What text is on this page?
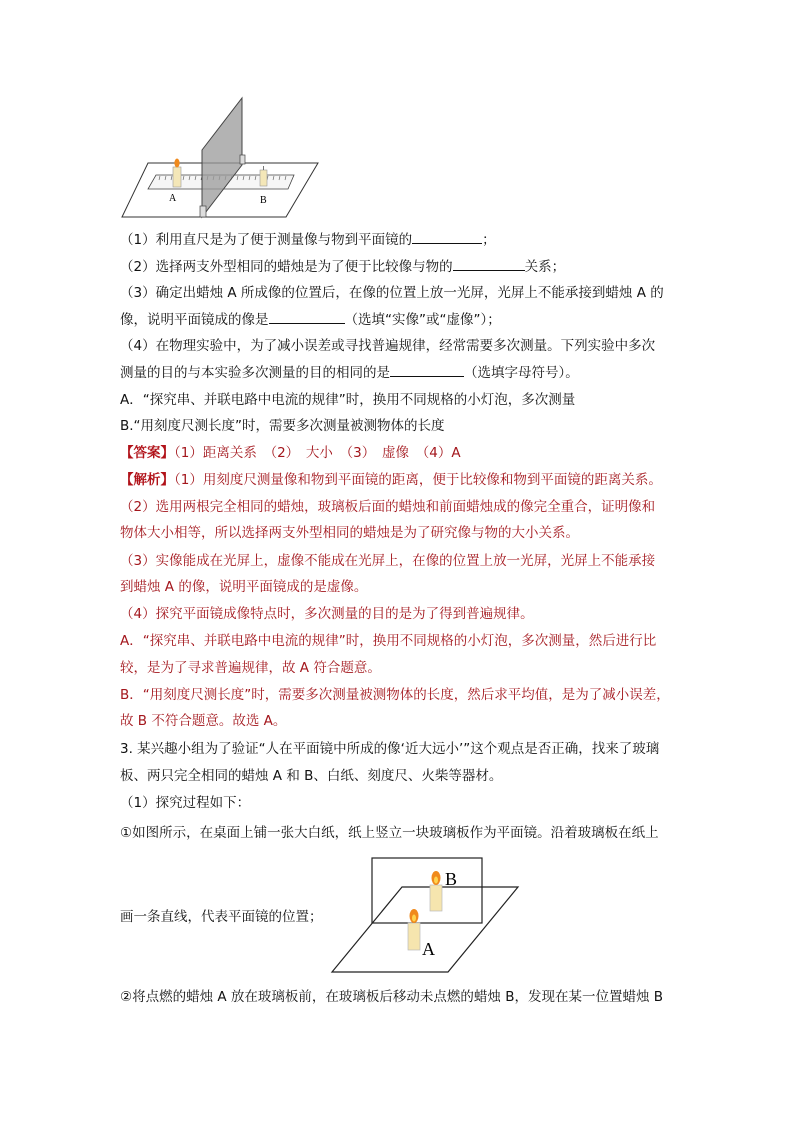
A	B
（1）利用直尺是为了便于测量像与物到平面镜的	；
（2）选择两支外型相同的蜡烛是为了便于比较像与物的	关系；
（3）确定出蜡烛 A 所成像的位置后，在像的位置上放一光屏，光屏上不能承接到蜡烛 A 的
像，说明平面镜成的像是	（选填“实像”或“虚像”）；
（4）在物理实验中，为了减小误差或寻找普遍规律，经常需要多次测量。下列实验中多次
测量的目的与本实验多次测量的目的相同的是	（选填字母符号）。
A．“探究串、并联电路中电流的规律”时，换用不同规格的小灯泡，多次测量
B.“用刻度尺测长度”时，需要多次测量被测物体的长度
【答案】（1）距离关系　（2）　大小　（3）　虚像　（4）A
【解析】（1）用刻度尺测量像和物到平面镜的距离，便于比较像和物到平面镜的距离关系。
（2）选用两根完全相同的蜡烛，玻璃板后面的蜡烛和前面蜡烛成的像完全重合，证明像和
物体大小相等，所以选择两支外型相同的蜡烛是为了研究像与物的大小关系。
（3）实像能成在光屏上，虚像不能成在光屏上，在像的位置上放一光屏，光屏上不能承接
到蜡烛 A 的像，说明平面镜成的是虚像。
（4）探究平面镜成像特点时，多次测量的目的是为了得到普遍规律。
A．“探究串、并联电路中电流的规律”时，换用不同规格的小灯泡，多次测量，然后进行比
较，是为了寻求普遍规律，故 A 符合题意。
B．“用刻度尺测长度”时，需要多次测量被测物体的长度，然后求平均值，是为了减小误差，
故 B 不符合题意。故选 A。
3. 某兴趣小组为了验证“人在平面镜中所成的像‘近大远小’”这个观点是否正确，找来了玻璃
板、两只完全相同的蜡烛 A 和 B、白纸、刻度尺、火柴等器材。
（1）探究过程如下：
①如图所示，在桌面上铺一张大白纸，纸上竖立一块玻璃板作为平面镜。沿着玻璃板在纸上
B
A
画一条直线，代表平面镜的位置；
②将点燃的蜡烛 A 放在玻璃板前，在玻璃板后移动未点燃的蜡烛 B，发现在某一位置蜡烛 B
